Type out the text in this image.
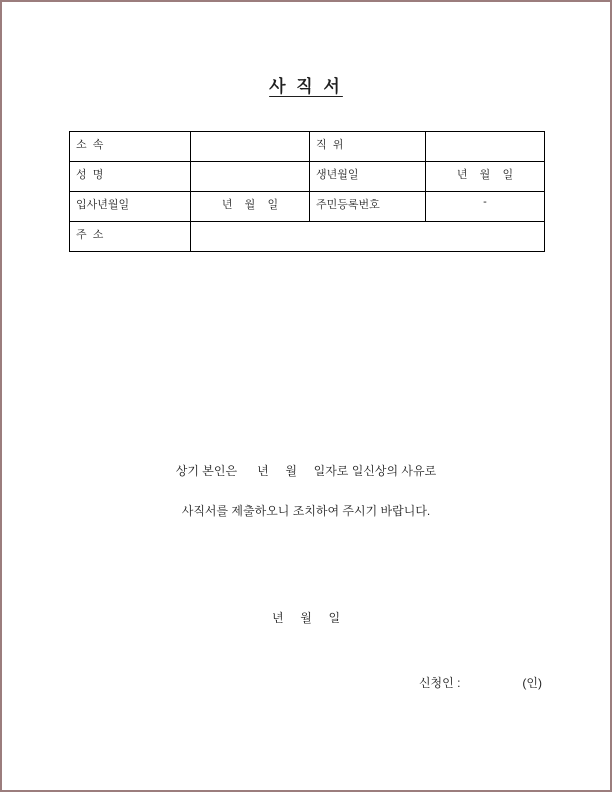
사 직 서
소  속		직  위	
성  명		생년월일	년    월    일
입사년월일	년    월    일	주민등록번호	-
주  소			
상기 본인은      년     월     일자로 일신상의 사유로
사직서를 제출하오니 조치하여 주시기 바랍니다.
년     월     일
신청인 :	(인)
